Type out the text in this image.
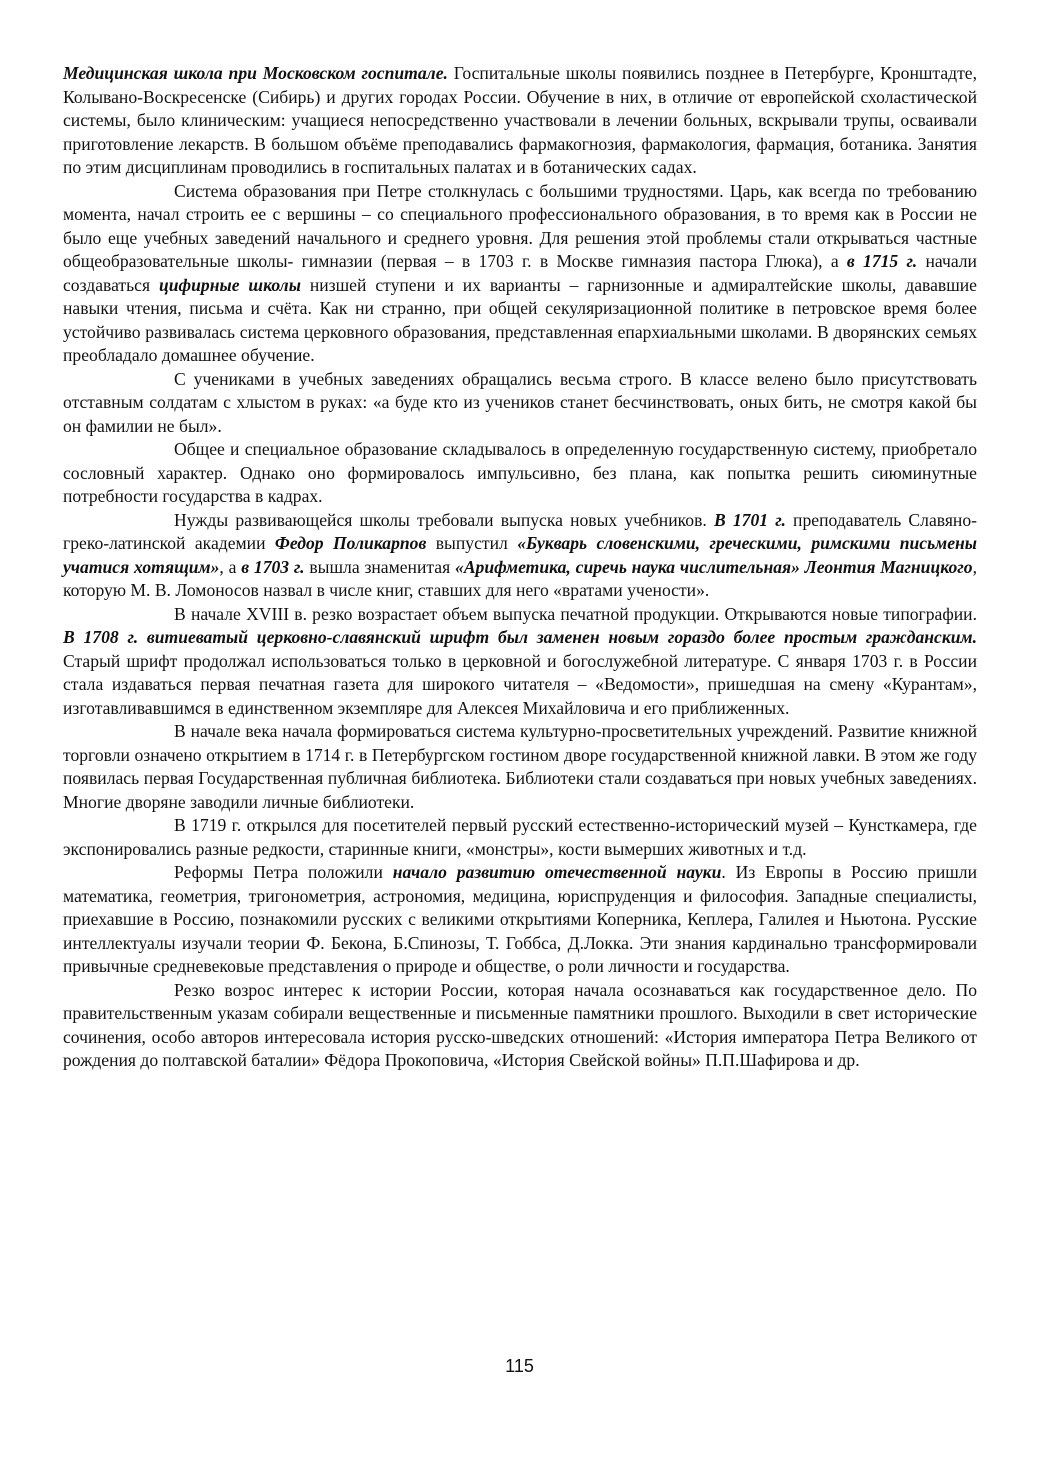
Медицинская школа при Московском госпитале. Госпитальные школы появились позднее в Петербурге, Кронштадте, Колывано-Воскресенске (Сибирь) и других городах России. Обучение в них, в отличие от европейской схоластической системы, было клиническим: учащиеся непосредственно участвовали в лечении больных, вскрывали трупы, осваивали приготовление лекарств. В большом объёме преподавались фармакогнозия, фармакология, фармация, ботаника. Занятия по этим дисциплинам проводились в госпитальных палатах и в ботанических садах.

Система образования при Петре столкнулась с большими трудностями. Царь, как всегда по требованию момента, начал строить ее с вершины – со специального профессионального образования, в то время как в России не было еще учебных заведений начального и среднего уровня. Для решения этой проблемы стали открываться частные общеобразовательные школы- гимназии (первая – в 1703 г. в Москве гимназия пастора Глюка), а в 1715 г. начали создаваться цифирные школы низшей ступени и их варианты – гарнизонные и адмиралтейские школы, дававшие навыки чтения, письма и счёта. Как ни странно, при общей секуляризационной политике в петровское время более устойчиво развивалась система церковного образования, представленная епархиальными школами. В дворянских семьях преобладало домашнее обучение.

С учениками в учебных заведениях обращались весьма строго. В классе велено было присутствовать отставным солдатам с хлыстом в руках: «а буде кто из учеников станет бесчинствовать, оных бить, не смотря какой бы он фамилии не был».

Общее и специальное образование складывалось в определенную государственную систему, приобретало сословный характер. Однако оно формировалось импульсивно, без плана, как попытка решить сиюминутные потребности государства в кадрах.

Нужды развивающейся школы требовали выпуска новых учебников. В 1701 г. преподаватель Славяно-греко-латинской академии Федор Поликарпов выпустил «Букварь словенскими, греческими, римскими письмены учатися хотящим», а в 1703 г. вышла знаменитая «Арифметика, сиречь наука числительная» Леонтия Магницкого, которую М. В. Ломоносов назвал в числе книг, ставших для него «вратами учености».

В начале XVIII в. резко возрастает объем выпуска печатной продукции. Открываются новые типографии. В 1708 г. витиеватый церковно-славянский шрифт был заменен новым гораздо более простым гражданским. Старый шрифт продолжал использоваться только в церковной и богослужебной литературе. С января 1703 г. в России стала издаваться первая печатная газета для широкого читателя – «Ведомости», пришедшая на смену «Курантам», изготавливавшимся в единственном экземпляре для Алексея Михайловича и его приближенных.

В начале века начала формироваться система культурно-просветительных учреждений. Развитие книжной торговли означено открытием в 1714 г. в Петербургском гостином дворе государственной книжной лавки. В этом же году появилась первая Государственная публичная библиотека. Библиотеки стали создаваться при новых учебных заведениях. Многие дворяне заводили личные библиотеки.

В 1719 г. открылся для посетителей первый русский естественно-исторический музей – Кунсткамера, где экспонировались разные редкости, старинные книги, «монстры», кости вымерших животных и т.д.

Реформы Петра положили начало развитию отечественной науки. Из Европы в Россию пришли математика, геометрия, тригонометрия, астрономия, медицина, юриспруденция и философия. Западные специалисты, приехавшие в Россию, познакомили русских с великими открытиями Коперника, Кеплера, Галилея и Ньютона. Русские интеллектуалы изучали теории Ф. Бекона, Б.Спинозы, Т. Гоббса, Д.Локка. Эти знания кардинально трансформировали привычные средневековые представления о природе и обществе, о роли личности и государства.

Резко возрос интерес к истории России, которая начала осознаваться как государственное дело. По правительственным указам собирали вещественные и письменные памятники прошлого. Выходили в свет исторические сочинения, особо авторов интересовала история русско-шведских отношений: «История императора Петра Великого от рождения до полтавской баталии» Фёдора Прокоповича, «История Свейской войны» П.П.Шафирова и др.

115
